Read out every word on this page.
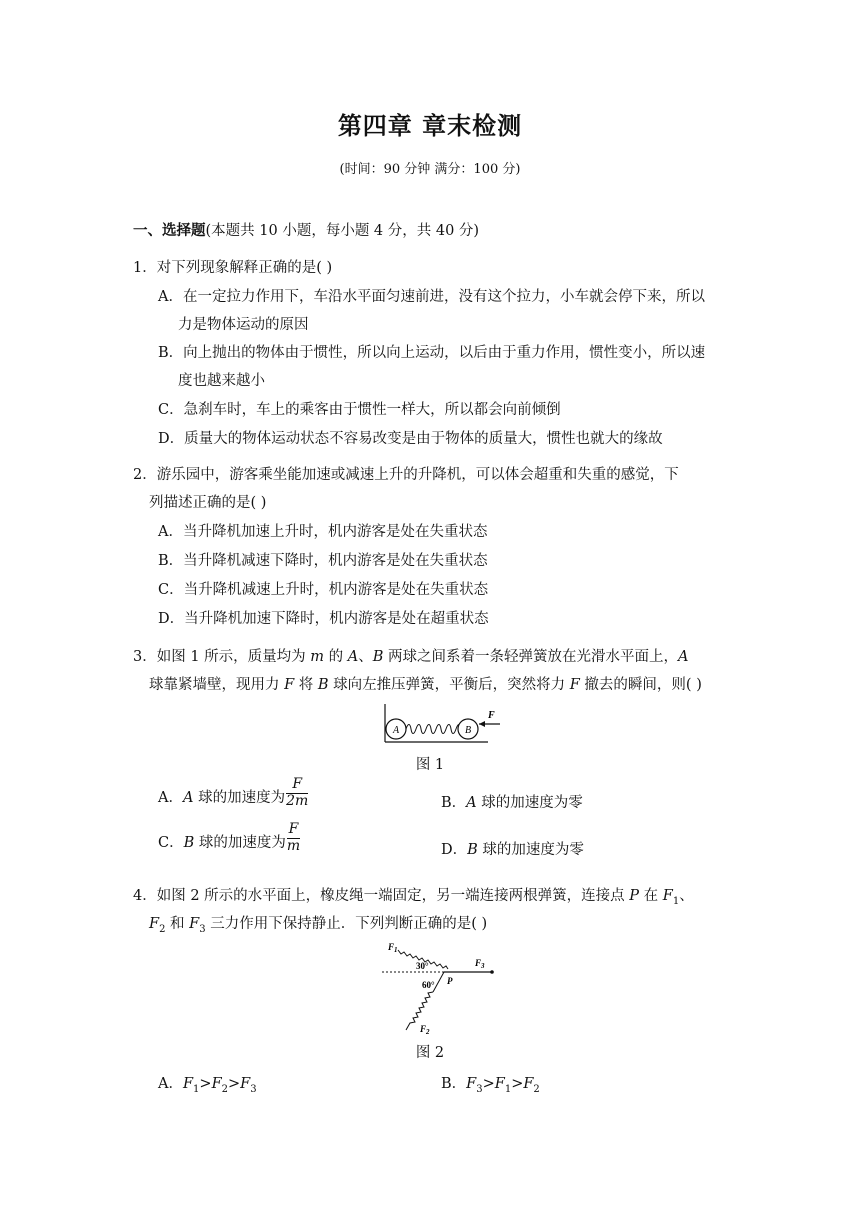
第四章 章末检测
(时间：90 分钟 满分：100 分)
一、选择题(本题共 10 小题，每小题 4 分，共 40 分)
1．对下列现象解释正确的是( )
A．在一定拉力作用下，车沿水平面匀速前进，没有这个拉力，小车就会停下来，所以
力是物体运动的原因
B．向上抛出的物体由于惯性，所以向上运动，以后由于重力作用，惯性变小，所以速
度也越来越小
C．急刹车时，车上的乘客由于惯性一样大，所以都会向前倾倒
D．质量大的物体运动状态不容易改变是由于物体的质量大，惯性也就大的缘故
2．游乐园中，游客乘坐能加速或减速上升的升降机，可以体会超重和失重的感觉，下
列描述正确的是( )
A．当升降机加速上升时，机内游客是处在失重状态
B．当升降机减速下降时，机内游客是处在失重状态
C．当升降机减速上升时，机内游客是处在失重状态
D．当升降机加速下降时，机内游客是处在超重状态
3．如图 1 所示，质量均为 m 的 A、B 两球之间系着一条轻弹簧放在光滑水平面上，A
球靠紧墙壁，现用力 F 将 B 球向左推压弹簧，平衡后，突然将力 F 撤去的瞬间，则( )
A	B
F
图 1
A．A 球的加速度为 $\frac{F}{2m}$	B．A 球的加速度为零
C．B 球的加速度为 $\frac{F}{m}$	D．B 球的加速度为零
4．如图 2 所示的水平面上，橡皮绳一端固定，另一端连接两根弹簧，连接点 P 在 $F_1$、
$F_2$ 和 $F_3$ 三力作用下保持静止．下列判断正确的是( )
$F_1$
$F_3$
$F_2$
30°
60° P
图 2
A．$F_1>F_2>F_3$	B．$F_3>F_1>F_2$
